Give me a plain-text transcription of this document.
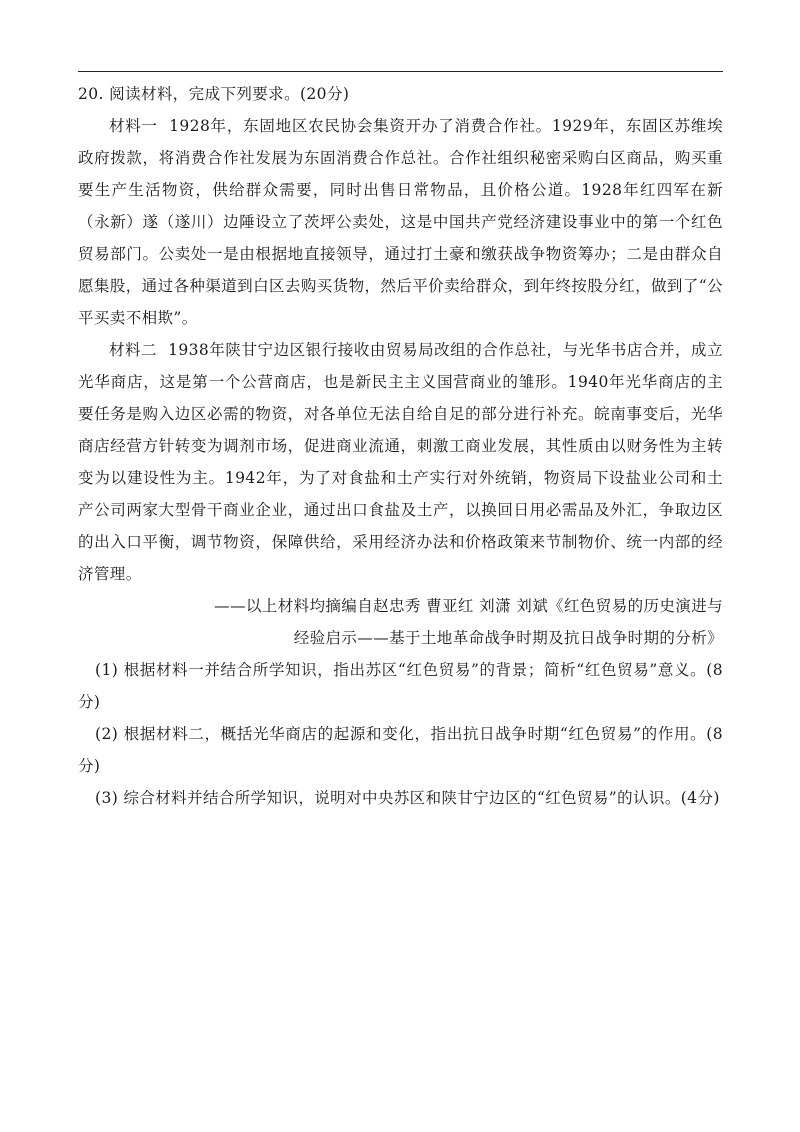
20. 阅读材料，完成下列要求。(20分)

材料一 1928年，东固地区农民协会集资开办了消费合作社。1929年，东固区苏维埃政府拨款，将消费合作社发展为东固消费合作总社。合作社组织秘密采购白区商品，购买重要生产生活物资，供给群众需要，同时出售日常物品，且价格公道。1928年红四军在新（永新）遂（遂川）边陲设立了茨坪公卖处，这是中国共产党经济建设事业中的第一个红色贸易部门。公卖处一是由根据地直接领导，通过打土豪和缴获战争物资筹办；二是由群众自愿集股，通过各种渠道到白区去购买货物，然后平价卖给群众，到年终按股分红，做到了“公平买卖不相欺”。

材料二 1938年陕甘宁边区银行接收由贸易局改组的合作总社，与光华书店合并，成立光华商店，这是第一个公营商店，也是新民主主义国营商业的雏形。1940年光华商店的主要任务是购入边区必需的物资，对各单位无法自给自足的部分进行补充。皖南事变后，光华商店经营方针转变为调剂市场，促进商业流通，刺激工商业发展，其性质由以财务性为主转变为以建设性为主。1942年，为了对食盐和土产实行对外统销，物资局下设盐业公司和土产公司两家大型骨干商业企业，通过出口食盐及土产，以换回日用必需品及外汇，争取边区的出入口平衡，调节物资，保障供给，采用经济办法和价格政策来节制物价、统一内部的经济管理。

——以上材料均摘编自赵忠秀 曹亚红 刘潇 刘斌《红色贸易的历史演进与
经验启示——基于土地革命战争时期及抗日战争时期的分析》

(1) 根据材料一并结合所学知识，指出苏区“红色贸易”的背景；简析“红色贸易”意义。(8分)

(2) 根据材料二，概括光华商店的起源和变化，指出抗日战争时期“红色贸易”的作用。(8分)

(3) 综合材料并结合所学知识，说明对中央苏区和陕甘宁边区的“红色贸易”的认识。(4分)
